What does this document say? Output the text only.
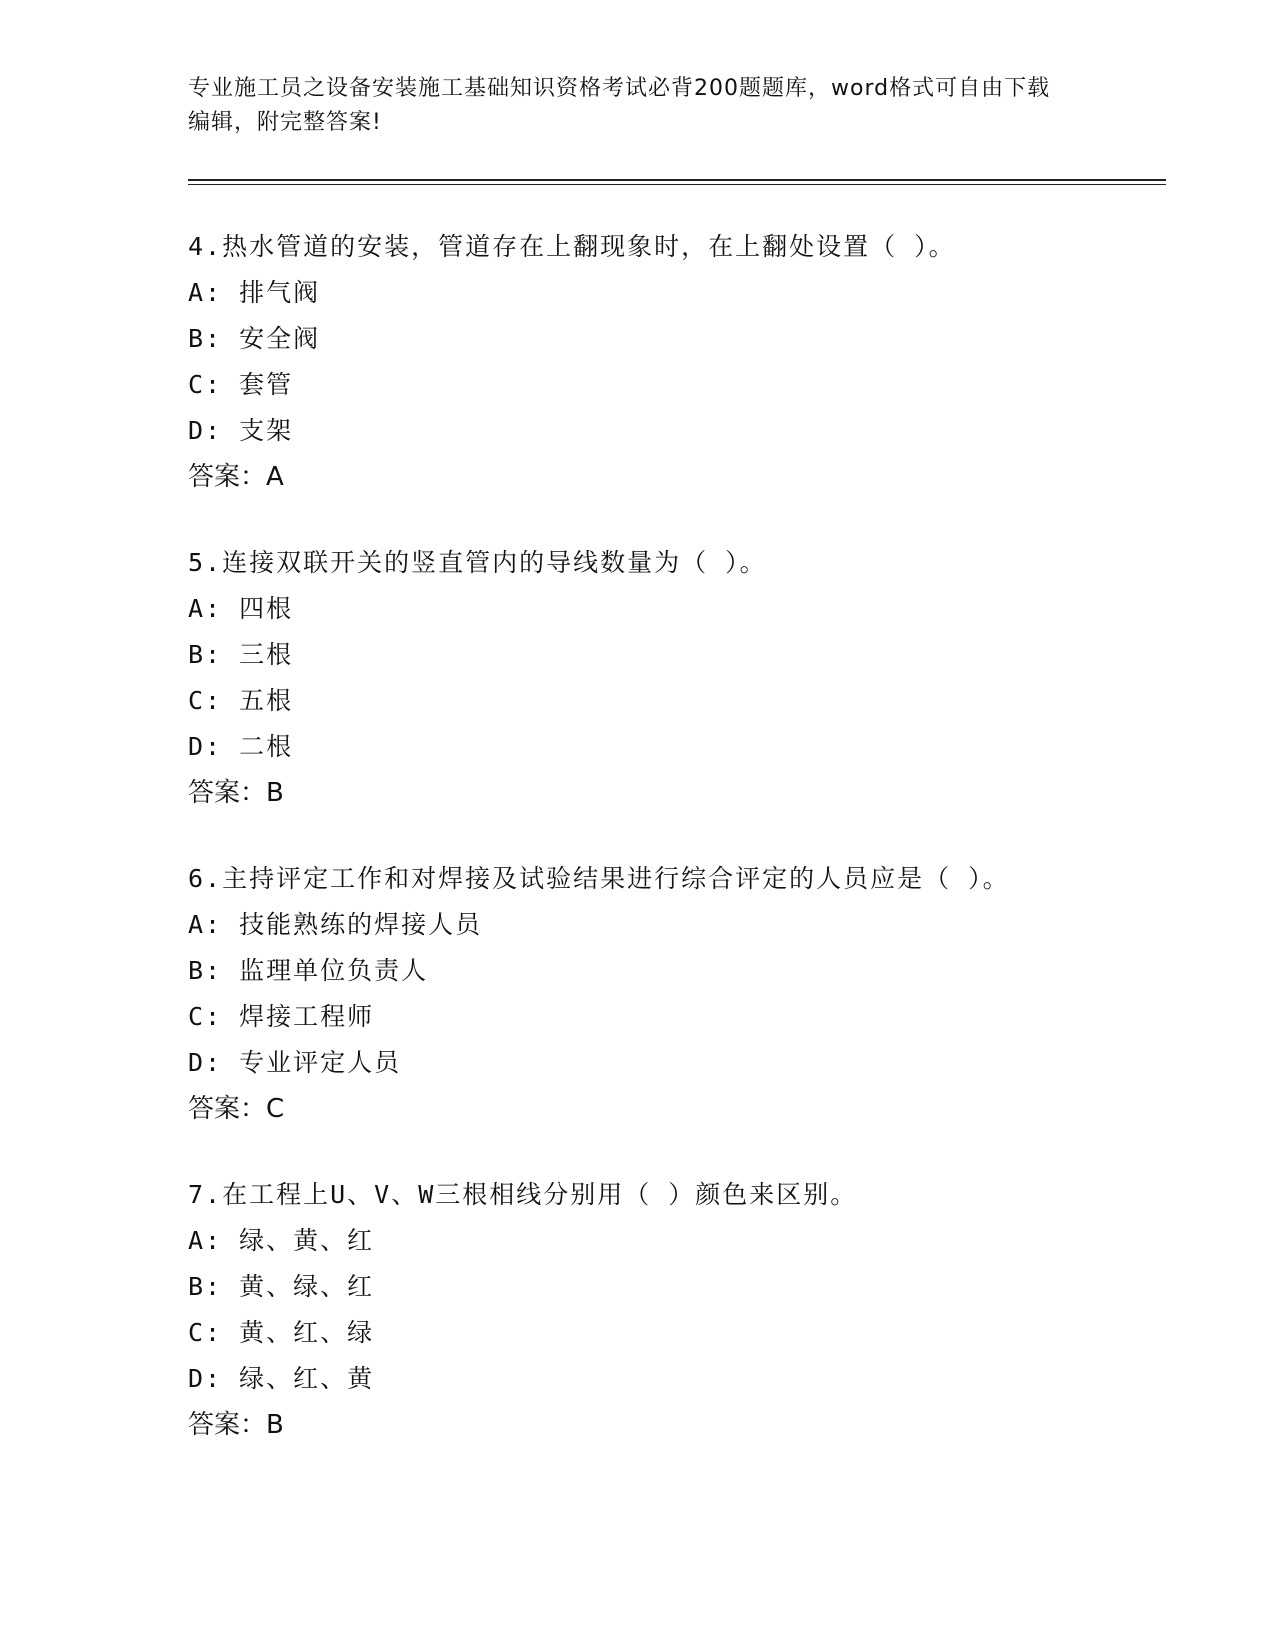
专业施工员之设备安装施工基础知识资格考试必背200题题库，word格式可自由下载编辑，附完整答案!
4.热水管道的安装，管道存在上翻现象时，在上翻处设置（ ）。
A: 排气阀
B: 安全阀
C: 套管
D: 支架
答案：A
5.连接双联开关的竖直管内的导线数量为（ ）。
A: 四根
B: 三根
C: 五根
D: 二根
答案：B
6.主持评定工作和对焊接及试验结果进行综合评定的人员应是（ ）。
A: 技能熟练的焊接人员
B: 监理单位负责人
C: 焊接工程师
D: 专业评定人员
答案：C
7.在工程上U、V、W三根相线分别用（ ）颜色来区别。
A: 绿、黄、红
B: 黄、绿、红
C: 黄、红、绿
D: 绿、红、黄
答案：B
